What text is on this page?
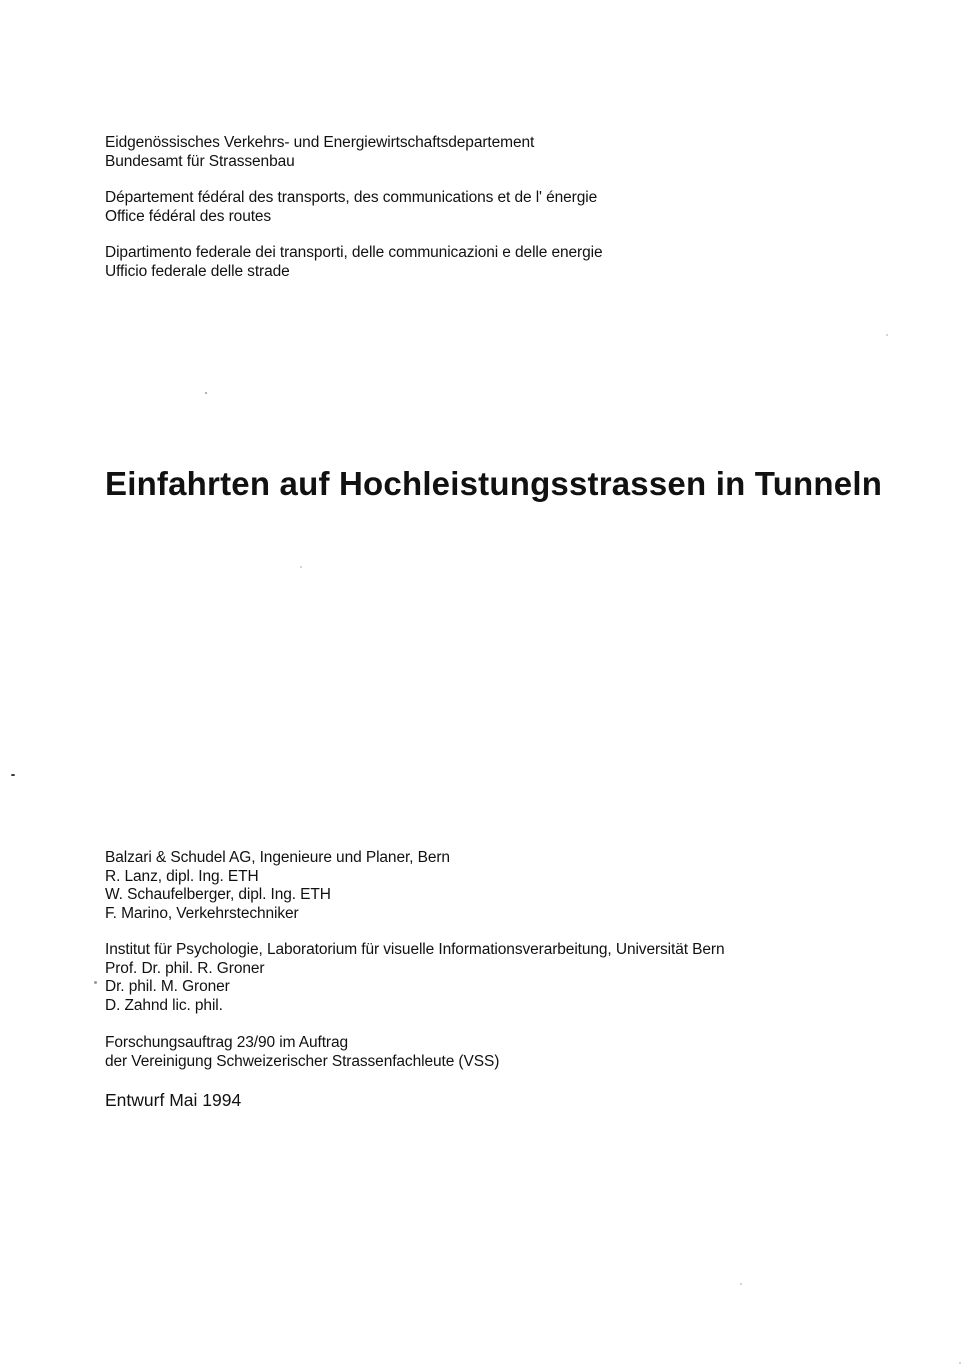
Eidgenössisches Verkehrs- und Energiewirtschaftsdepartement
Bundesamt für Strassenbau
Département fédéral des transports, des communications et de l' énergie
Office fédéral des routes
Dipartimento federale dei transporti, delle communicazioni e delle energie
Ufficio federale delle strade
Einfahrten auf Hochleistungsstrassen in Tunneln
Balzari & Schudel AG, Ingenieure und Planer, Bern
R. Lanz, dipl. Ing. ETH
W. Schaufelberger, dipl. Ing. ETH
F. Marino, Verkehrstechniker
Institut für Psychologie, Laboratorium für visuelle Informationsverarbeitung, Universität Bern
Prof. Dr. phil. R. Groner
Dr. phil. M. Groner
D. Zahnd lic. phil.
Forschungsauftrag 23/90 im Auftrag
der Vereinigung Schweizerischer Strassenfachleute (VSS)
Entwurf Mai 1994
